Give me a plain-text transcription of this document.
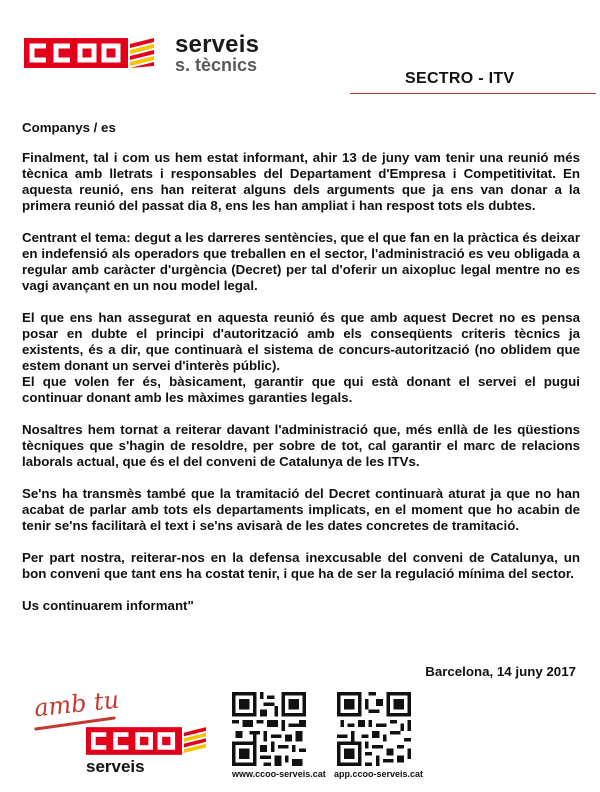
serveis
s. tècnics
SECTRO - ITV

Companys / es

Finalment, tal i com us hem estat informant, ahir 13 de juny vam tenir una reunió més tècnica amb lletrats i responsables del Departament d'Empresa i Competitivitat. En aquesta reunió, ens han reiterat alguns dels arguments que ja ens van donar a la primera reunió del passat dia 8, ens les han ampliat i han respost tots els dubtes.

Centrant el tema: degut a les darreres sentències, que el que fan en la pràctica és deixar en indefensió als operadors que treballen en el sector, l'administració es veu obligada a regular amb caràcter d'urgència (Decret) per tal d'oferir un aixopluc legal mentre no es vagi avançant en un nou model legal.

El que ens han assegurat en aquesta reunió és que amb aquest Decret no es pensa posar en dubte el principi d'autorització amb els conseqüents criteris tècnics ja existents, és a dir, que continuarà el sistema de concurs-autorització (no oblidem que estem donant un servei d'interès públic).

El que volen fer és, bàsicament, garantir que qui està donant el servei el pugui continuar donant amb les màximes garanties legals.

Nosaltres hem tornat a reiterar davant l'administració que, més enllà de les qüestions tècniques que s'hagin de resoldre, per sobre de tot, cal garantir el marc de relacions laborals actual, que és el del conveni de Catalunya de les ITVs.

Se'ns ha transmès també que la tramitació del Decret continuarà aturat ja que no han acabat de parlar amb tots els departaments implicats, en el moment que ho acabin de tenir se'ns facilitarà el text i se'ns avisarà de les dates concretes de tramitació.

Per part nostra, reiterar-nos en la defensa inexcusable del conveni de Catalunya, un bon conveni que tant ens ha costat tenir, i que ha de ser la regulació mínima del sector.

Us continuarem informant"

Barcelona, 14 juny 2017
amb tu
serveis	www.ccoo-serveis.cat app.ccoo-serveis.cat
